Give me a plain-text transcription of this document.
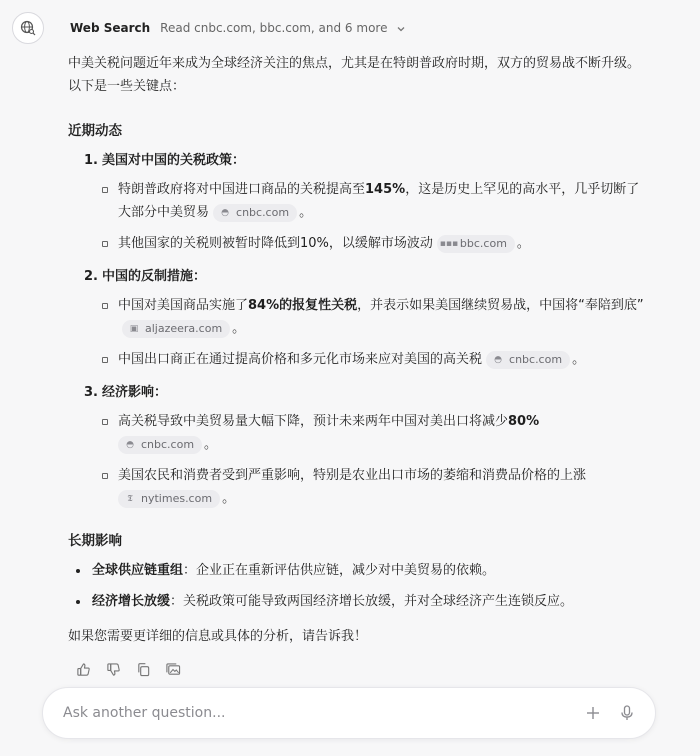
Web Search Read cnbc.com, bbc.com, and 6 more

中美关税问题近年来成为全球经济关注的焦点，尤其是在特朗普政府时期，双方的贸易战不断升级。以下是一些关键点：

近期动态
1. 美国对中国的关税政策：
特朗普政府将对中国进口商品的关税提高至145%，这是历史上罕见的高水平，几乎切断了大部分中美贸易 ◓ cnbc.com 。
其他国家的关税则被暂时降低到10%，以缓解市场波动 ▪▪▪ bbc.com 。
2. 中国的反制措施：
中国对美国商品实施了84%的报复性关税，并表示如果美国继续贸易战，中国将“奉陪到底”
▣ aljazeera.com 。
中国出口商正在通过提高价格和多元化市场来应对美国的高关税 ◓ cnbc.com 。
3. 经济影响：
高关税导致中美贸易量大幅下降，预计未来两年中国对美出口将减少80%

◓ cnbc.com 。
美国农民和消费者受到严重影响，特别是农业出口市场的萎缩和消费品价格的上涨

𝕿 nytimes.com 。
长期影响
全球供应链重组：企业正在重新评估供应链，减少对中美贸易的依赖。
经济增长放缓：关税政策可能导致两国经济增长放缓，并对全球经济产生连锁反应。

如果您需要更详细的信息或具体的分析，请告诉我！

Ask another question...
